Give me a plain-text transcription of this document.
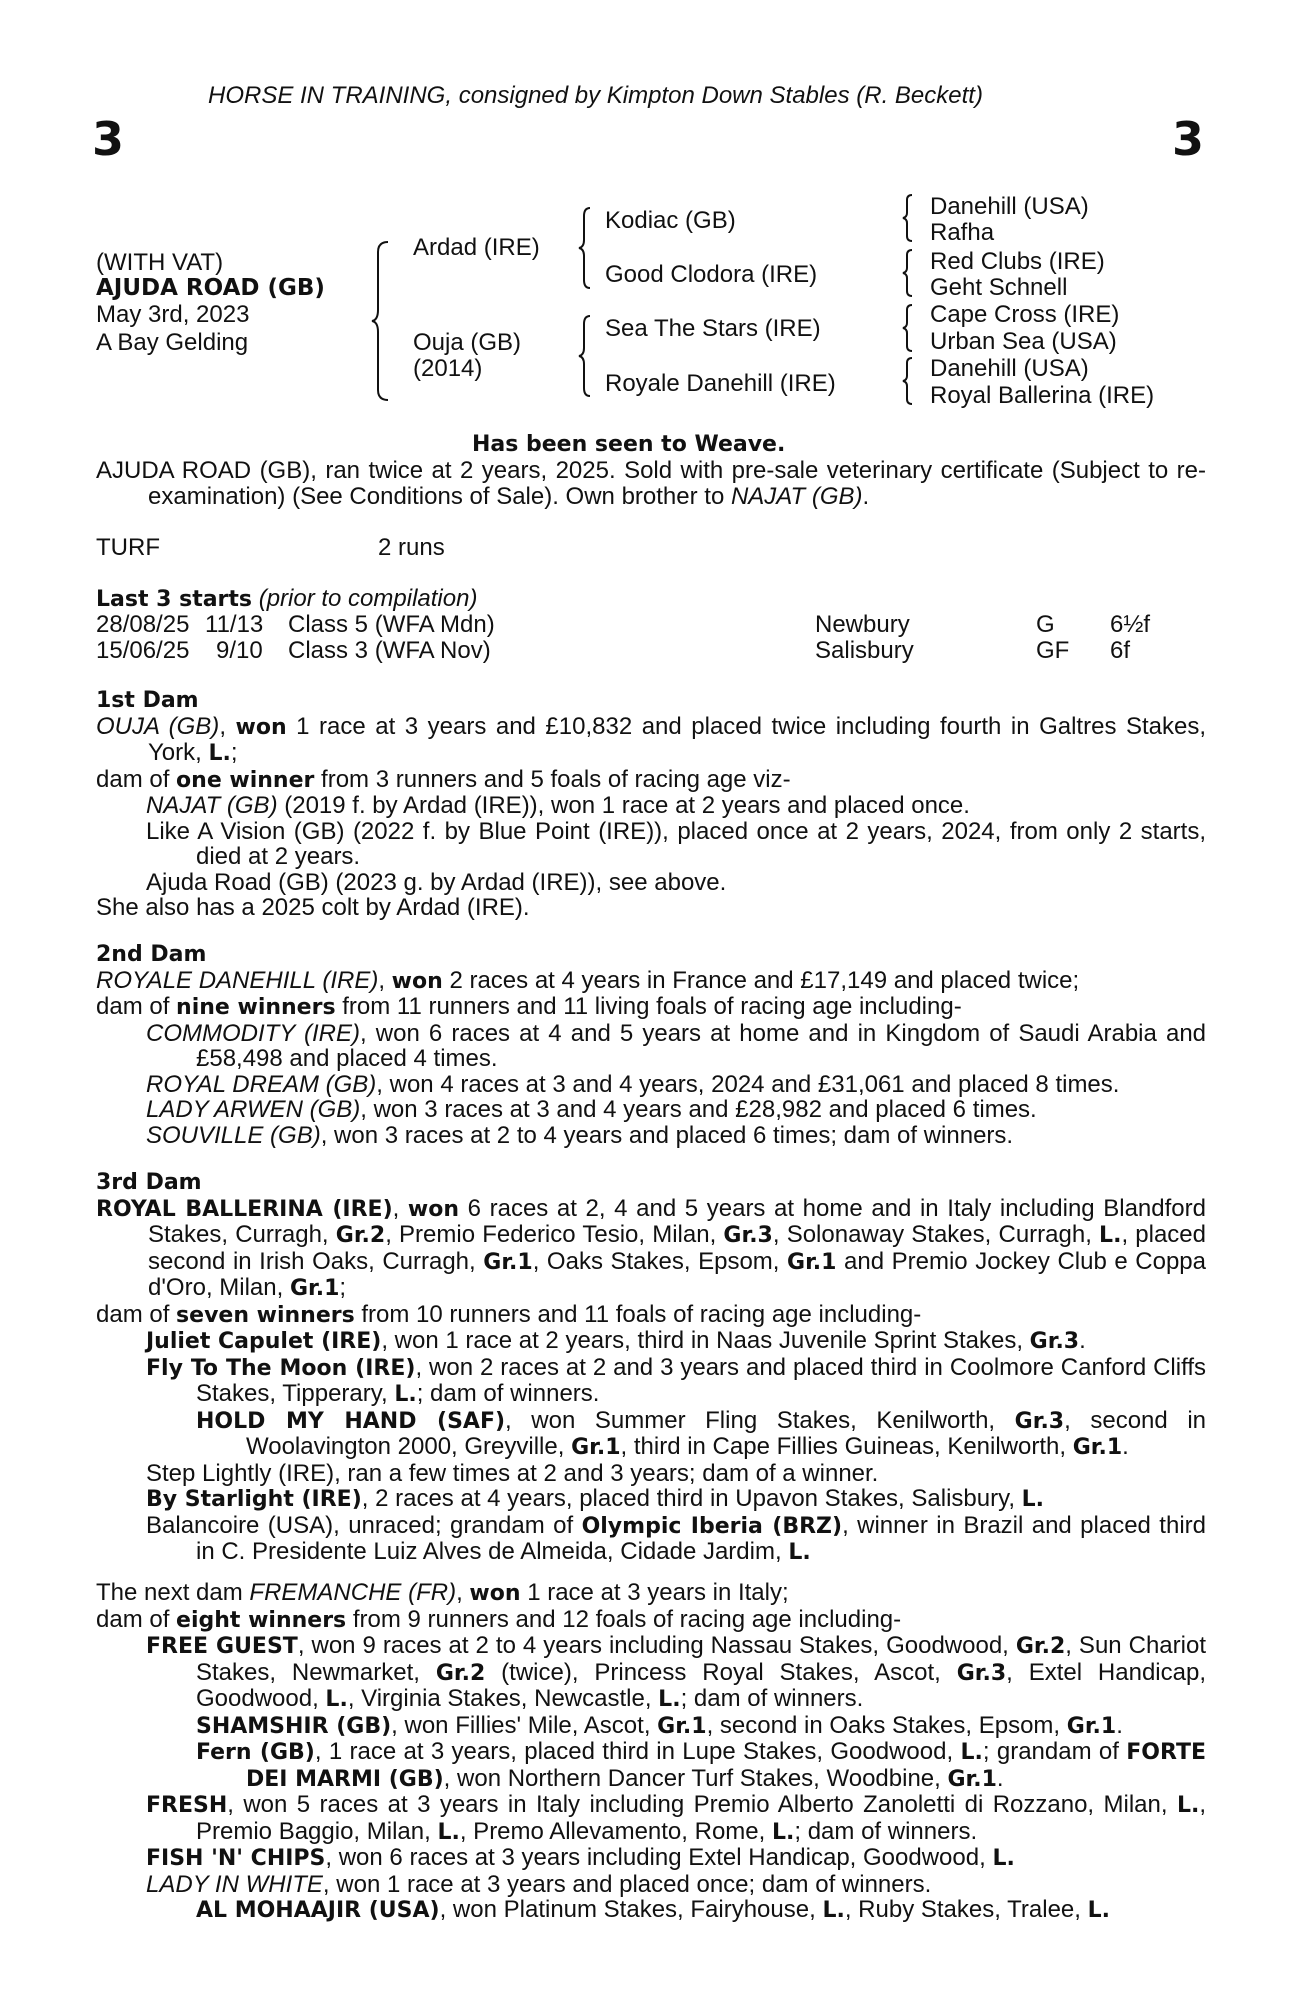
HORSE IN TRAINING, consigned by Kimpton Down Stables (R. Beckett)
3	3
(WITH VAT)
AJUDA ROAD (GB)
May 3rd, 2023
A Bay Gelding
Ardad (IRE)
Ouja (GB)
(2014)
Kodiac (GB)
Good Clodora (IRE)
Sea The Stars (IRE)
Royale Danehill (IRE)
Danehill (USA)
Rafha
Red Clubs (IRE)
Geht Schnell
Cape Cross (IRE)
Urban Sea (USA)
Danehill (USA)
Royal Ballerina (IRE)
Has been seen to Weave.

AJUDA ROAD (GB), ran twice at 2 years, 2025. Sold with pre-sale veterinary certificate (Subject to re-examination) (See Conditions of Sale). Own brother to NAJAT (GB).

TURF	2 runs
Last 3 starts (prior to compilation)
28/08/25 11/13 Class 5 (WFA Mdn)	Newbury	G 6½f
15/06/25 9/10 Class 3 (WFA Nov)	Salisbury	GF 6f

1st Dam

OUJA (GB), won 1 race at 3 years and £10,832 and placed twice including fourth in Galtres Stakes, York, L.;

dam of one winner from 3 runners and 5 foals of racing age viz-

NAJAT (GB) (2019 f. by Ardad (IRE)), won 1 race at 2 years and placed once.

Like A Vision (GB) (2022 f. by Blue Point (IRE)), placed once at 2 years, 2024, from only 2 starts, died at 2 years.

Ajuda Road (GB) (2023 g. by Ardad (IRE)), see above.

She also has a 2025 colt by Ardad (IRE).

2nd Dam

ROYALE DANEHILL (IRE), won 2 races at 4 years in France and £17,149 and placed twice;

dam of nine winners from 11 runners and 11 living foals of racing age including-

COMMODITY (IRE), won 6 races at 4 and 5 years at home and in Kingdom of Saudi Arabia and £58,498 and placed 4 times.

ROYAL DREAM (GB), won 4 races at 3 and 4 years, 2024 and £31,061 and placed 8 times.

LADY ARWEN (GB), won 3 races at 3 and 4 years and £28,982 and placed 6 times.

SOUVILLE (GB), won 3 races at 2 to 4 years and placed 6 times; dam of winners.

3rd Dam

ROYAL BALLERINA (IRE), won 6 races at 2, 4 and 5 years at home and in Italy including Blandford Stakes, Curragh, Gr.2, Premio Federico Tesio, Milan, Gr.3, Solonaway Stakes, Curragh, L., placed second in Irish Oaks, Curragh, Gr.1, Oaks Stakes, Epsom, Gr.1 and Premio Jockey Club e Coppa d'Oro, Milan, Gr.1;

dam of seven winners from 10 runners and 11 foals of racing age including-

Juliet Capulet (IRE), won 1 race at 2 years, third in Naas Juvenile Sprint Stakes, Gr.3.

Fly To The Moon (IRE), won 2 races at 2 and 3 years and placed third in Coolmore Canford Cliffs Stakes, Tipperary, L.; dam of winners.

HOLD MY HAND (SAF), won Summer Fling Stakes, Kenilworth, Gr.3, second in Woolavington 2000, Greyville, Gr.1, third in Cape Fillies Guineas, Kenilworth, Gr.1.

Step Lightly (IRE), ran a few times at 2 and 3 years; dam of a winner.

By Starlight (IRE), 2 races at 4 years, placed third in Upavon Stakes, Salisbury, L.

Balancoire (USA), unraced; grandam of Olympic Iberia (BRZ), winner in Brazil and placed third in C. Presidente Luiz Alves de Almeida, Cidade Jardim, L.

The next dam FREMANCHE (FR), won 1 race at 3 years in Italy;

dam of eight winners from 9 runners and 12 foals of racing age including-

FREE GUEST, won 9 races at 2 to 4 years including Nassau Stakes, Goodwood, Gr.2, Sun Chariot Stakes, Newmarket, Gr.2 (twice), Princess Royal Stakes, Ascot, Gr.3, Extel Handicap, Goodwood, L., Virginia Stakes, Newcastle, L.; dam of winners.

SHAMSHIR (GB), won Fillies' Mile, Ascot, Gr.1, second in Oaks Stakes, Epsom, Gr.1.

Fern (GB), 1 race at 3 years, placed third in Lupe Stakes, Goodwood, L.; grandam of FORTE DEI MARMI (GB), won Northern Dancer Turf Stakes, Woodbine, Gr.1.

FRESH, won 5 races at 3 years in Italy including Premio Alberto Zanoletti di Rozzano, Milan, L., Premio Baggio, Milan, L., Premo Allevamento, Rome, L.; dam of winners.

FISH 'N' CHIPS, won 6 races at 3 years including Extel Handicap, Goodwood, L.

LADY IN WHITE, won 1 race at 3 years and placed once; dam of winners.

AL MOHAAJIR (USA), won Platinum Stakes, Fairyhouse, L., Ruby Stakes, Tralee, L.
